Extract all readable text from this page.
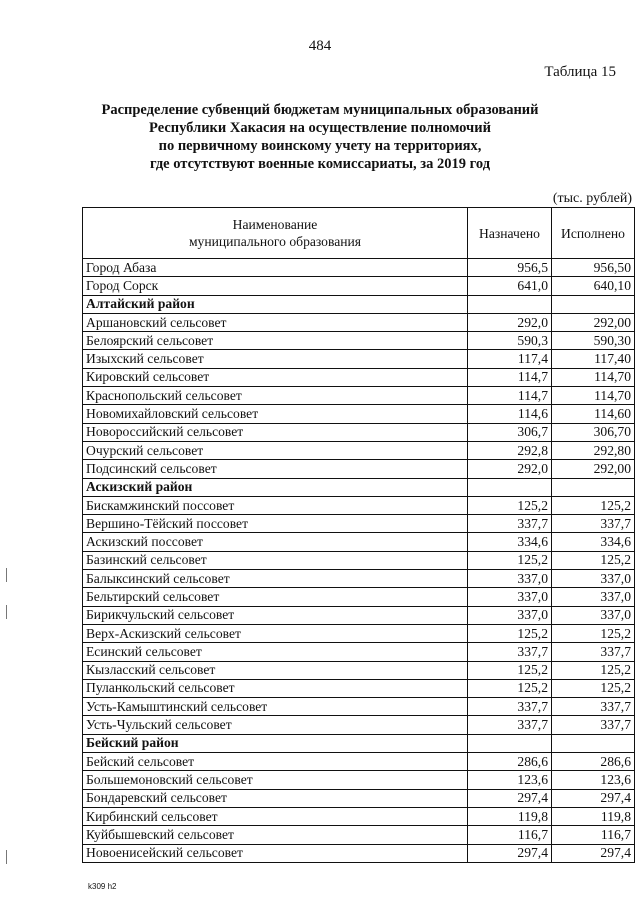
484
Таблица 15
Распределение субвенций бюджетам муниципальных образований
Республики Хакасия на осуществление полномочий
по первичному воинскому учету на территориях,
где отсутствуют военные комиссариаты, за 2019 год
(тыс. рублей)
Наименование
муниципального образования	Назначено	Исполнено
Город Абаза	956,5	956,50
Город Сорск	641,0	640,10
Алтайский район		
Аршановский сельсовет	292,0	292,00
Белоярский сельсовет	590,3	590,30
Изыхский сельсовет	117,4	117,40
Кировский сельсовет	114,7	114,70
Краснопольский сельсовет	114,7	114,70
Новомихайловский сельсовет	114,6	114,60
Новороссийский сельсовет	306,7	306,70
Очурский сельсовет	292,8	292,80
Подсинский сельсовет	292,0	292,00
Аскизский район		
Бискамжинский поссовет	125,2	125,2
Вершино-Тёйский поссовет	337,7	337,7
Аскизский поссовет	334,6	334,6
Базинский сельсовет	125,2	125,2
Балыксинский сельсовет	337,0	337,0
Бельтирский сельсовет	337,0	337,0
Бирикчульский сельсовет	337,0	337,0
Верх-Аскизский сельсовет	125,2	125,2
Есинский сельсовет	337,7	337,7
Кызласский сельсовет	125,2	125,2
Пуланкольский сельсовет	125,2	125,2
Усть-Камыштинский сельсовет	337,7	337,7
Усть-Чульский сельсовет	337,7	337,7
Бейский район		
Бейский сельсовет	286,6	286,6
Большемоновский сельсовет	123,6	123,6
Бондаревский сельсовет	297,4	297,4
Кирбинский сельсовет	119,8	119,8
Куйбышевский сельсовет	116,7	116,7
Новоенисейский сельсовет	297,4	297,4
k309 h2
